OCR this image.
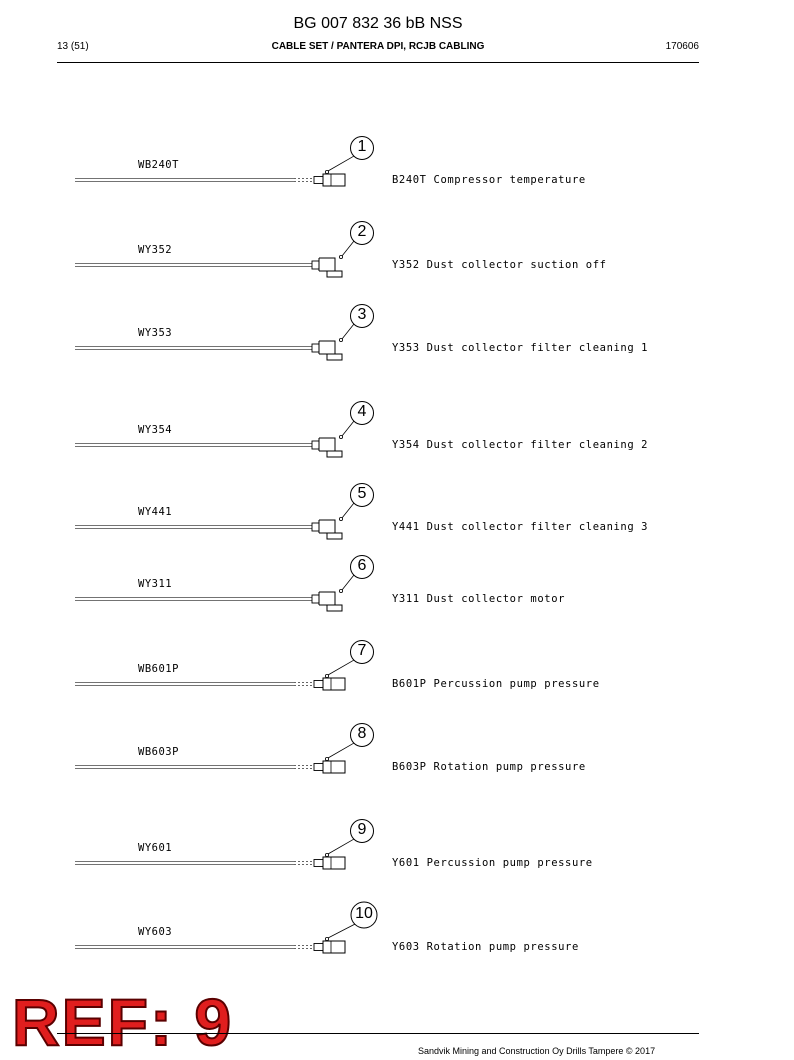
BG 007 832 36 bB NSS
13 (51)	CABLE SET / PANTERA DPI, RCJB CABLING	170606
WB240T
B240T Compressor temperature
1
WY352
Y352 Dust collector suction off
2
WY353
Y353 Dust collector filter cleaning 1
3
WY354
Y354 Dust collector filter cleaning 2
4
WY441
Y441 Dust collector filter cleaning 3
5
WY311
Y311 Dust collector motor
6
WB601P
B601P Percussion pump pressure
7
WB603P
B603P Rotation pump pressure
8
WY601
Y601 Percussion pump pressure
9
WY603
Y603 Rotation pump pressure
10
REF: 9	Sandvik Mining and Construction Oy Drills Tampere © 2017
